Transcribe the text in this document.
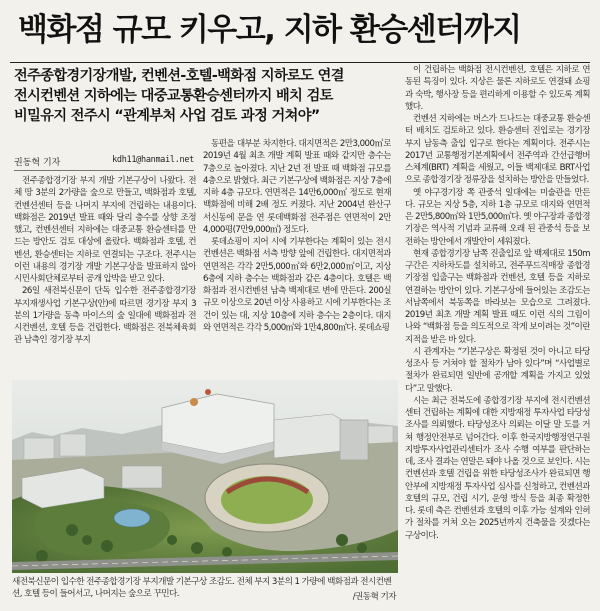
백화점 규모 키우고, 지하 환승센터까지
전주종합경기장개발, 컨벤션-호텔-백화점 지하로도 연결
전시컨벤션 지하에는 대중교통환승센터까지 배치 검토
비밀유지 전주시 “관계부처 사업 검토 과정 거쳐야”
권동혁 기자	kdh11@hanmail.net

전주종합경기장 부지 개발 기본구상이 나왔다. 전체 땅 3분의 2가량을 숲으로 만들고, 백화점과 호텔, 컨벤션센터 등을 나머지 부지에 건립하는 내용이다. 백화점은 2019년 발표 때와 달리 층수를 상향 조정했고, 컨벤션센터 지하에는 대중교통 환승센터를 만드는 방안도 검토 대상에 올랐다. 백화점과 호텔, 컨벤션, 환승센터는 지하로 연결되는 구조다. 전주시는 이런 내용의 경기장 개발 기본구상을 발표하지 않아 시민사회단체로부터 공개 압박을 받고 있다.

26일 새전북신문이 단독 입수한 전주종합경기장 부지재생사업 기본구상(안)에 따르면 경기장 부지 3분의 1가량을 동측 마이스의 숲 일대에 백화점과 전시컨벤션, 호텔 등을 건립한다. 백화점은 전북체육회관 남측인 경기장 부지

동편을 대부분 차지한다. 대지면적은 2만3,000㎡로 2019년 4월 최초 개발 계획 발표 때와 같지만 층수는 7층으로 높아졌다. 지난 2년 전 발표 때 백화점 규모를 4층으로 밝혔다. 최근 기본구상에 백화점은 지상 7층에 지하 4층 규모다. 연면적은 14만6,000㎡ 정도로 현재 백화점에 비해 2배 정도 커졌다. 지난 2004년 완산구 서신동에 문을 연 롯데백화점 전주점은 연면적이 2만4,000평(7만9,000㎡) 정도다.

롯데쇼핑이 지어 시에 기부한다는 계획이 있는 전시컨벤션은 백화점 서측 방향 앞에 건립한다. 대지면적과 연면적은 각각 2만5,000㎡와 6만2,000㎡이고, 지상 6층에 지하 층수는 백화점과 같은 4층이다. 호텔은 백화점과 전시컨벤션 남측 백제대로 변에 만든다. 200실 규모 이상으로 20년 이상 사용하고 시에 기부한다는 조건이 있는 대, 지상 10층에 지하 층수는 2층이다. 대지와 연면적은 각각 5,000㎡와 1만4,800㎡다. 롯데쇼핑

이 건립하는 백화점 전시컨벤션, 호텔은 지하로 연동된 특징이 있다. 지상은 물론 지하로도 연결돼 쇼핑과 숙박, 행사장 등을 편리하게 이용할 수 있도록 계획했다.

컨벤션 지하에는 버스가 드나드는 대중교통 환승센터 배치도 검토하고 있다. 환승센터 진입로는 경기장 부지 남동측 출입 입구로 한다는 계획이다. 전주시는 2017년 교통행정기본계획에서 전주역과 간선급행버스체계(BRT) 계획을 세웠고, 이들 백제대로 BRT사업으로 종합경기장 정류장을 설치하는 방안을 만들었다.

옛 야구경기장 쪽 관중석 일대에는 미술관을 만든다. 규모는 지상 5층, 지하 1층 규모로 대지와 연면적은 2만5,800㎡와 1만5,000㎡다. 옛 야구장과 종합경기장은 역사적 기념과 교류해 오래 된 관중석 등을 보전하는 방안에서 개발안이 세워졌다.

현재 종합경기장 남쪽 진출입로 앞 백제대로 150m 구간은 지하차도를 설치하고, 전주푸드직매장 종합경기장점 입출구는 백화점과 컨벤션, 호텔 등을 지하로 연결하는 방안이 있다. 기본구상에 들어있는 조감도는 서남쪽에서 북동쪽을 바라보는 모습으로 그려졌다. 2019년 최초 개발 계획 발표 때도 이런 식의 그림이 나와 “백화점 등을 의도적으로 작게 보이려는 것”이란 지적을 받은 바 있다.

시 관계자는 “기본구상은 확정된 것이 아니고 타당성조사 등 거쳐야 할 절차가 남아 있다”며 “사업별로 절차가 완료되면 일반에 공개할 계획을 가지고 있었다”고 말했다.

시는 최근 전북도에 종합경기장 부지에 전시컨벤션센터 건립하는 계획에 대한 지방재정 투자사업 타당성조사를 의뢰했다. 타당성조사 의뢰는 이달 말 도를 거쳐 행정안전부로 넘어간다. 이후 한국지방행정연구원 지방투자사업관리센터가 조사 수행 여부를 판단하는데, 조사 결과는 연말은 돼야 나올 것으로 보인다. 시는 컨벤션과 호텔 건립을 위한 타당성조사가 완료되면 행안부에 지방재정 투자사업 심사를 신청하고, 컨벤션과 호텔의 규모, 건립 시기, 운영 방식 등을 최종 확정한다. 롯데 측은 컨벤션과 호텔의 이후 가능 설계와 인허가 절차를 거쳐 오는 2025년까지 건축물을 짓겠다는 구상이다.

새전북신문이 입수한 전주종합경기장 부지개발 기본구상 조감도. 전체 부지 3분의 1 가량에 백화점과 전시컨벤션, 호텔 등이 들어서고, 나머지는 숲으로 꾸민다.	/권동혁 기자
